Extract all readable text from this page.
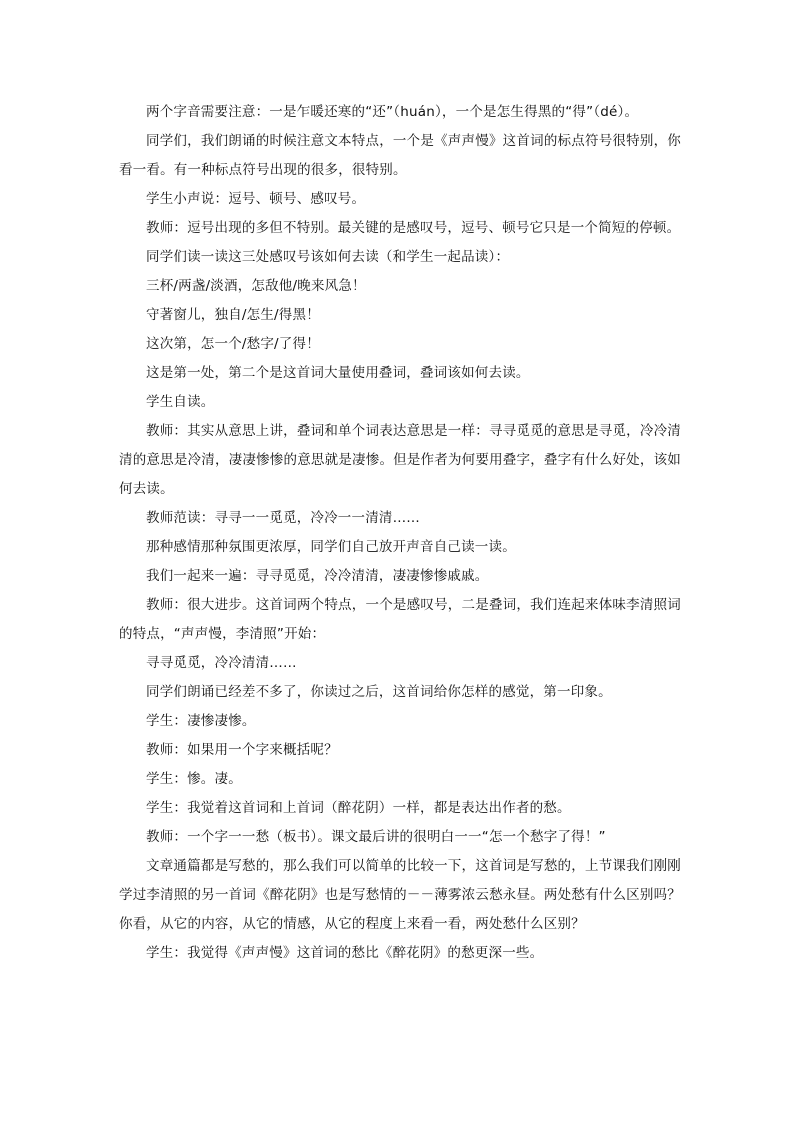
两个字音需要注意：一是乍暖还寒的“还”（huán），一个是怎生得黑的“得”（dé）。

同学们，我们朗诵的时候注意文本特点，一个是《声声慢》这首词的标点符号很特别，你看一看。有一种标点符号出现的很多，很特别。

学生小声说：逗号、顿号、感叹号。

教师：逗号出现的多但不特别。最关键的是感叹号，逗号、顿号它只是一个简短的停顿。

同学们读一读这三处感叹号该如何去读（和学生一起品读）：

三杯/两盏/淡酒，怎敌他/晚来风急！

守著窗儿，独自/怎生/得黑！

这次第，怎一个/愁字/了得！

这是第一处，第二个是这首词大量使用叠词，叠词该如何去读。

学生自读。

教师：其实从意思上讲，叠词和单个词表达意思是一样：寻寻觅觅的意思是寻觅，冷冷清清的意思是冷清，凄凄惨惨的意思就是凄惨。但是作者为何要用叠字，叠字有什么好处，该如何去读。

教师范读：寻寻一一觅觅，冷冷一一清清……

那种感情那种氛围更浓厚，同学们自己放开声音自己读一读。

我们一起来一遍：寻寻觅觅，冷冷清清，凄凄惨惨戚戚。

教师：很大进步。这首词两个特点，一个是感叹号，二是叠词，我们连起来体味李清照词的特点，“声声慢，李清照”开始：

寻寻觅觅，冷冷清清……

同学们朗诵已经差不多了，你读过之后，这首词给你怎样的感觉，第一印象。

学生：凄惨凄惨。

教师：如果用一个字来概括呢？

学生：惨。凄。

学生：我觉着这首词和上首词（醉花阴）一样，都是表达出作者的愁。

教师：一个字一一愁（板书）。课文最后讲的很明白一一“怎一个愁字了得！”

文章通篇都是写愁的，那么我们可以简单的比较一下，这首词是写愁的，上节课我们刚刚学过李清照的另一首词《醉花阴》也是写愁情的－－薄雾浓云愁永昼。两处愁有什么区别吗？你看，从它的内容，从它的情感，从它的程度上来看一看，两处愁什么区别？

学生：我觉得《声声慢》这首词的愁比《醉花阴》的愁更深一些。
